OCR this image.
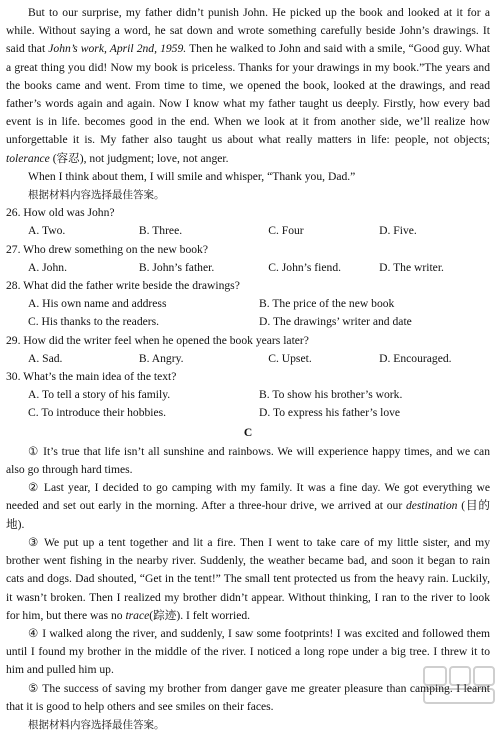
But to our surprise, my father didn’t punish John. He picked up the book and looked at it for a while. Without saying a word, he sat down and wrote something carefully beside John’s drawings. It said that John’s work, April 2nd, 1959. Then he walked to John and said with a smile, “Good guy. What a great thing you did! Now my book is priceless. Thanks for your drawings in my book.”The years and the books came and went. From time to time, we opened the book, looked at the drawings, and read father’s words again and again. Now I know what my father taught us deeply. Firstly, how every bad event is in life. becomes good in the end. When we look at it from another side, we’ll realize how unforgettable it is. My father also taught us about what really matters in life: people, not objects; tolerance (容忍), not judgment; love, not anger.

When I think about them, I will smile and whisper, “Thank you, Dad.”

根据材料内容选择最佳答案。

26. How old was John?

A. Two.	B. Three.	C. Four	D. Five.

27. Who drew something on the new book?

A. John.	B. John’s father.	C. John’s fiend.	D. The writer.

28. What did the father write beside the drawings?

A. His own name and address	B. The price of the new book
C. His thanks to the readers.	D. The drawings’ writer and date

29. How did the writer feel when he opened the book years later?

A. Sad.	B. Angry.	C. Upset.	D. Encouraged.

30. What’s the main idea of the text?

A. To tell a story of his family.	B. To show his brother’s work.
C. To introduce their hobbies.	D. To express his father’s love

C

① It’s true that life isn’t all sunshine and rainbows. We will experience happy times, and we can also go through hard times.

② Last year, I decided to go camping with my family. It was a fine day. We got everything we needed and set out early in the morning. After a three-hour drive, we arrived at our destination (目的地).

③ We put up a tent together and lit a fire. Then I went to take care of my little sister, and my brother went fishing in the nearby river. Suddenly, the weather became bad, and soon it began to rain cats and dogs. Dad shouted, “Get in the tent!” The small tent protected us from the heavy rain. Luckily, it wasn’t broken. Then I realized my brother didn’t appear. Without thinking, I ran to the river to look for him, but there was no trace(踪迹). I felt worried.

④ I walked along the river, and suddenly, I saw some footprints! I was excited and followed them until I found my brother in the middle of the river. I noticed a long rope under a big tree. I threw it to him and pulled him up.

⑤ The success of saving my brother from danger gave me greater pleasure than camping. I learnt that it is good to help others and see smiles on their faces.

根据材料内容选择最佳答案。
